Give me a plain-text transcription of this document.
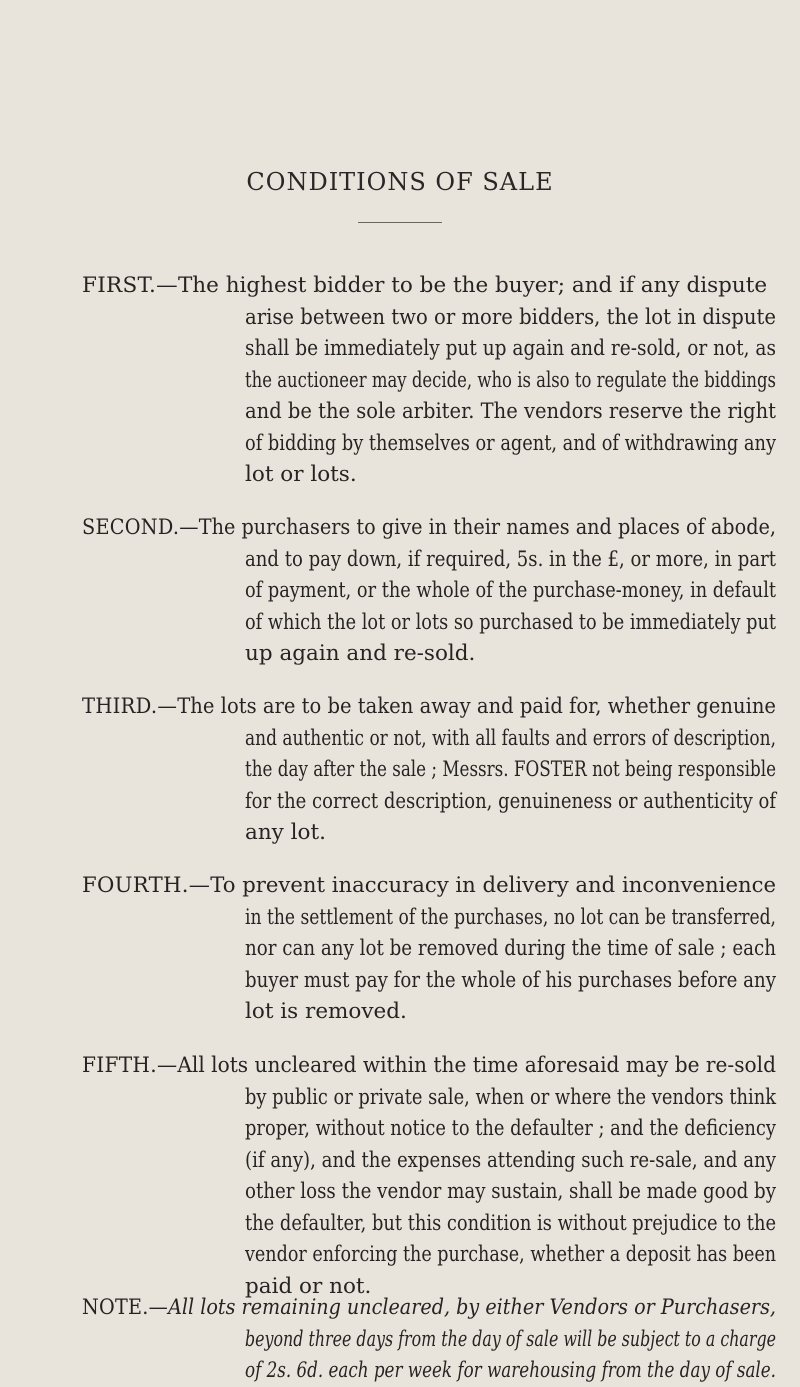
CONDITIONS OF SALE
FIRST.—The highest bidder to be the buyer; and if any dispute
arise between two or more bidders, the lot in dispute
shall be immediately put up again and re-sold, or not, as
the auctioneer may decide, who is also to regulate the biddings
and be the sole arbiter. The vendors reserve the right
of bidding by themselves or agent, and of withdrawing any
lot or lots.
SECOND.—The purchasers to give in their names and places of abode,
and to pay down, if required, 5s. in the £, or more, in part
of payment, or the whole of the purchase-money, in default
of which the lot or lots so purchased to be immediately put
up again and re-sold.
THIRD.—The lots are to be taken away and paid for, whether genuine
and authentic or not, with all faults and errors of description,
the day after the sale ; Messrs. FOSTER not being responsible
for the correct description, genuineness or authenticity of
any lot.
FOURTH.—To prevent inaccuracy in delivery and inconvenience
in the settlement of the purchases, no lot can be transferred,
nor can any lot be removed during the time of sale ; each
buyer must pay for the whole of his purchases before any
lot is removed.
FIFTH.—All lots uncleared within the time aforesaid may be re-sold
by public or private sale, when or where the vendors think
proper, without notice to the defaulter ; and the deficiency
(if any), and the expenses attending such re-sale, and any
other loss the vendor may sustain, shall be made good by
the defaulter, but this condition is without prejudice to the
vendor enforcing the purchase, whether a deposit has been
paid or not.
NOTE.—All lots remaining uncleared, by either Vendors or Purchasers,
beyond three days from the day of sale will be subject to a charge
of 2s. 6d. each per week for warehousing from the day of sale.
